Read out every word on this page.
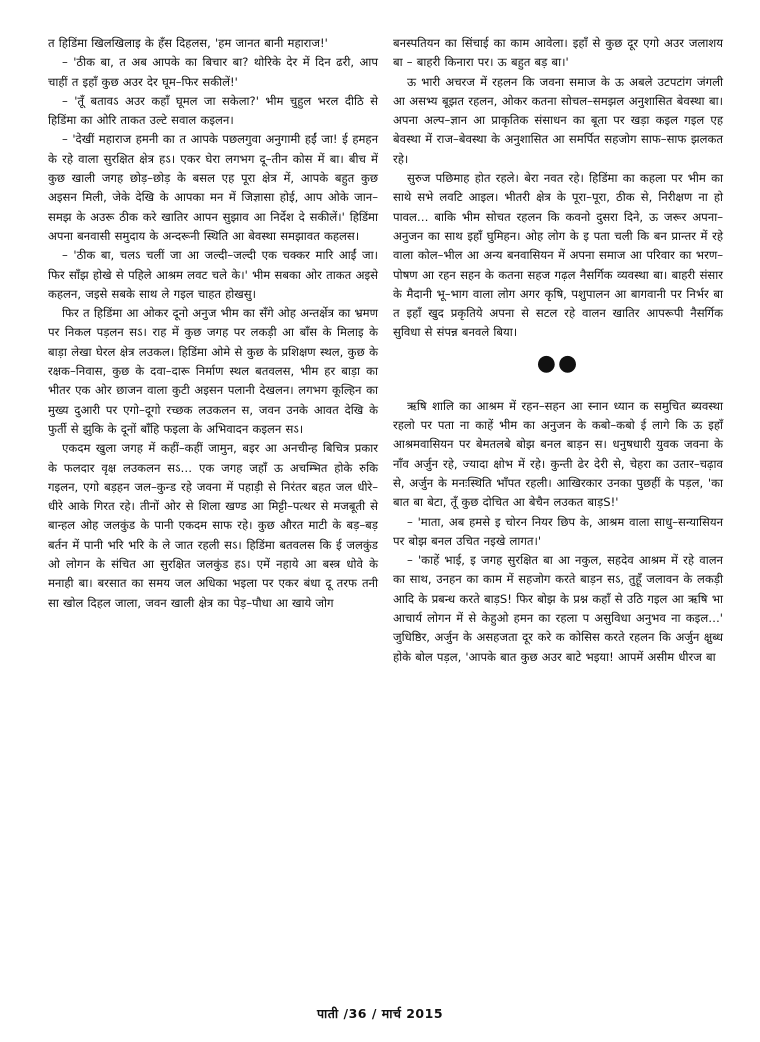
त हिडिंमा खिलखिलाइ के हँस दिहलस, 'हम जानत बानी महाराज!'

– 'ठीक बा, त अब आपके का बिचार बा? थोरिके देर में दिन ढरी, आप चाहीं त इहाँ कुछ अउर देर घूम–फिर सकीलें!'

– 'तूँ बतावऽ अउर कहाँ घूमल जा सकेला?' भीम चुहुल भरल दीठि से हिडिंमा का ओरि ताकत उल्टे सवाल कइलन।

– 'देखीं महाराज हमनी का त आपके पछलगुवा अनुगामी हईं जा! ई हमहन के रहे वाला सुरक्षित क्षेत्र हऽ। एकर घेरा लगभग दू–तीन कोस में बा। बीच में कुछ खाली जगह छोड़–छोड़ के बसल एह पूरा क्षेत्र में, आपके बहुत कुछ अइसन मिली, जेके देखि के आपका मन में जिज्ञासा होई, आप ओके जान–समझ के अउरू ठीक करे खातिर आपन सुझाव आ निर्देश दे सकीलें।' हिडिंमा अपना बनवासी समुदाय के अन्दरूनी स्थिति आ बेवस्था समझावत कहलस।

– 'ठीक बा, चलऽ चलीं जा आ जल्दी–जल्दी एक चक्कर मारि आईं जा। फिर साँझ होखे से पहिले आश्रम लवट चले के।' भीम सबका ओर ताकत अइसे कहलन, जइसे सबके साथ ले गइल चाहत होखसु।

फिर त हिडिंमा आ ओकर दूनो अनुज भीम का सँगे ओह अन्तर्क्षेत्र का भ्रमण पर निकल पड़लन सऽ। राह में कुछ जगह पर लकड़ी आ बाँस के मिलाइ के बाड़ा लेखा घेरल क्षेत्र लउकल। हिडिंमा ओमे से कुछ के प्रशिक्षण स्थल, कुछ के रक्षक–निवास, कुछ के दवा–दारू निर्माण स्थल बतवलस, भीम हर बाड़ा का भीतर एक ओर छाजन वाला कुटी अइसन पलानी देखलन। लगभग कूल्हिन का मुख्य दुआरी पर एगो–दूगो रच्छक लउकलन स, जवन उनके आवत देखि के फुर्ती से झुकि के दूनों बाँहि फइला के अभिवादन कइलन सऽ।

एकदम खुला जगह में कहीं–कहीं जामुन, बइर आ अनचीन्ह बिचित्र प्रकार के फलदार वृक्ष लउकलन सऽ… एक जगह जहाँ ऊ अचम्भित होके रुकि गइलन, एगो बड़हन जल–कुन्ड रहे जवना में पहाड़ी से निरंतर बहत जल धीरे–धीरे आके गिरत रहे। तीनों ओर से शिला खण्ड आ मिट्टी–पत्थर से मजबूती से बान्हल ओह जलकुंड के पानी एकदम साफ रहे। कुछ औरत माटी के बड़–बड़ बर्तन में पानी भरि भरि के ले जात रहली सऽ। हिडिंमा बतवलस कि ई जलकुंड ओ लोगन के संचित आ सुरक्षित जलकुंड हऽ। एमें नहाये आ बस्त्र धोवे के मनाही बा। बरसात का समय जल अधिका भइला पर एकर बंधा दू तरफ तनी सा खोल दिहल जाला, जवन खाली क्षेत्र का पेड़–पौधा आ खाये जोग

बनस्पतियन का सिंचाई का काम आवेला। इहाँ से कुछ दूर एगो अउर जलाशय बा – बाहरी किनारा पर। ऊ बहुत बड़ बा।'

ऊ भारी अचरज में रहलन कि जवना समाज के ऊ अबले उटपटांग जंगली आ असभ्य बूझत रहलन, ओकर कतना सोचल–समझल अनुशासित बेवस्था बा। अपना अल्प–ज्ञान आ प्राकृतिक संसाधन का बूता पर खड़ा कइल गइल एह बेवस्था में राज–बेवस्था के अनुशासित आ समर्पित सहजोग साफ–साफ झलकत रहे।

सुरुज पछिमाह होत रहले। बेरा नवत रहे। हिडिंमा का कहला पर भीम का साथे सभे लवटि आइल। भीतरी क्षेत्र के पूरा–पूरा, ठीक से, निरीक्षण ना हो पावल… बाकि भीम सोचत रहलन कि कवनो दुसरा दिने, ऊ जरूर अपना–अनुजन का साथ इहाँ घुमिहन। ओह लोग के इ पता चली कि बन प्रान्तर में रहे वाला कोल–भील आ अन्य बनवासियन में अपना समाज आ परिवार का भरण–पोषण आ रहन सहन के कतना सहज गढ़ल नैसर्गिक व्यवस्था बा। बाहरी संसार के मैदानी भू–भाग वाला लोग अगर कृषि, पशुपालन आ बागवानी पर निर्भर बा त इहाँ खुद प्रकृतिये अपना से सटल रहे वालन खातिर आपरूपी नैसर्गिक सुविधा से संपन्न बनवले बिया।

●●

ऋषि शालि का आश्रम में रहन–सहन आ स्नान ध्यान क समुचित ब्यवस्था रहलो पर पता ना काहें भीम का अनुजन के कबो–कबो ई लागे कि ऊ इहाँ आश्रमवासियन पर बेमतलबे बोझ बनल बाड़न स। धनुषधारी युवक जवना के नाँव अर्जुन रहे, ज्यादा क्षोभ में रहे। कुन्ती ढेर देरी से, चेहरा का उतार–चढ़ाव से, अर्जुन के मनःस्थिति भाँपत रहली। आखिरकार उनका पुछहीं के पड़ल, 'का बात बा बेटा, तूँ कुछ दोचित आ बेचैन लउकत बाड़S!'

– 'माता, अब हमसे इ चोरन नियर छिप के, आश्रम वाला साधु–सन्यासियन पर बोझ बनल उचित नइखे लागत।'

– 'काहें भाई, इ जगह सुरक्षित बा आ नकुल, सहदेव आश्रम में रहे वालन का साथ, उनहन का काम में सहजोग करते बाड़न सऽ, तुहूँ जलावन के लकड़ी आदि के प्रबन्ध करते बाड़S! फिर बोझ के प्रश्न कहाँ से उठि गइल आ ऋषि भा आचार्य लोगन में से केहुओ हमन का रहला प असुविधा अनुभव ना कइल…' जुधिष्ठिर, अर्जुन के असहजता दूर करे क कोसिस करते रहलन कि अर्जुन क्षुब्ध होके बोल पड़ल, 'आपके बात कुछ अउर बाटे भइया! आपमें असीम धीरज बा

पाती /36 / मार्च 2015
